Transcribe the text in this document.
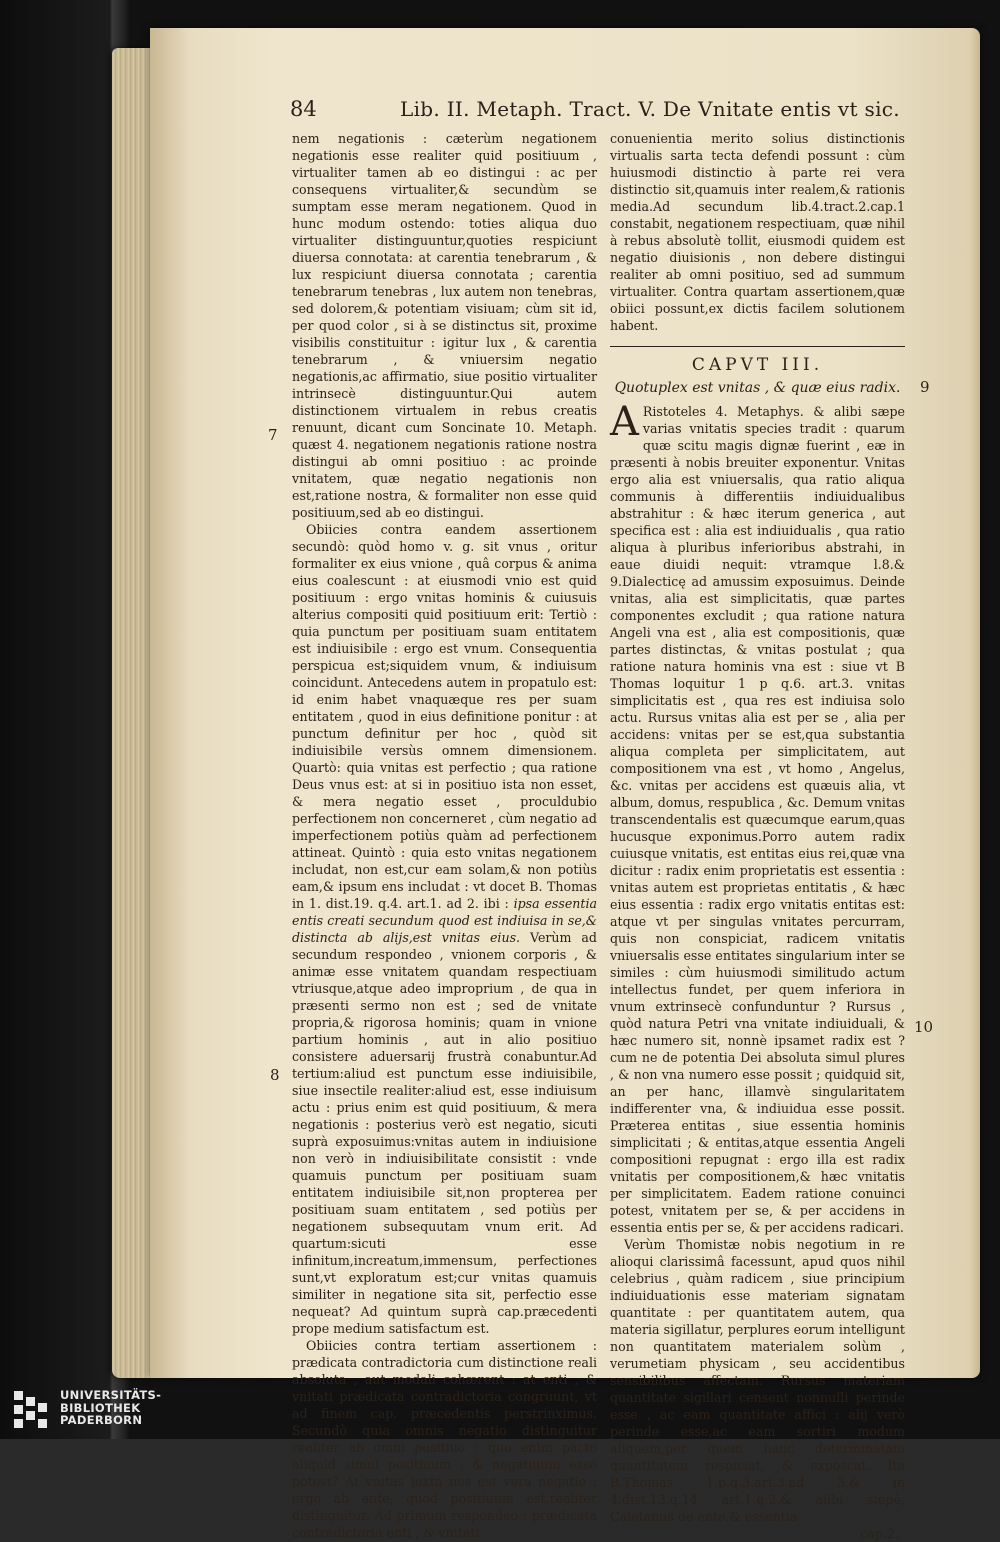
84	Lib. II. Metaph. Tract. V. De Vnitate entis vt sic.

nem negationis : cæterùm negationem negationis esse realiter quid positiuum , virtualiter tamen ab eo distingui : ac per consequens virtualiter,& secundùm se sumptam esse meram negationem. Quod in hunc modum ostendo: toties aliqua duo virtualiter distinguuntur,quoties respiciunt diuersa connotata: at carentia tenebrarum , & lux respiciunt diuersa connotata ; carentia tenebrarum tenebras , lux autem non tenebras, sed dolorem,& potentiam visiuam; cùm sit id, per quod color , si à se distinctus sit, proxime visibilis constituitur : igitur lux , & carentia tenebrarum , & vniuersim negatio negationis,ac affirmatio, siue positio virtualiter intrinsecè distinguuntur.Qui autem distinctionem virtualem in rebus creatis renuunt, dicant cum Soncinate 10. Metaph. quæst 4. negationem negationis ratione nostra distingui ab omni positiuo : ac proinde vnitatem, quæ negatio negationis non est,ratione nostra, & formaliter non esse quid positiuum,sed ab eo distingui.

Obiicies contra eandem assertionem secundò: quòd homo v. g. sit vnus , oritur formaliter ex eius vnione , quâ corpus & anima eius coalescunt : at eiusmodi vnio est quid positiuum : ergo vnitas hominis & cuiusuis alterius compositi quid positiuum erit: Tertiò : quia punctum per positiuam suam entitatem est indiuisibile : ergo est vnum. Consequentia perspicua est;siquidem vnum, & indiuisum coincidunt. Antecedens autem in propatulo est: id enim habet vnaquæque res per suam entitatem , quod in eius definitione ponitur : at punctum definitur per hoc , quòd sit indiuisibile versùs omnem dimensionem. Quartò: quia vnitas est perfectio ; qua ratione Deus vnus est: at si in positiuo ista non esset, & mera negatio esset , proculdubio perfectionem non concerneret , cùm negatio ad imperfectionem potiùs quàm ad perfectionem attineat. Quintò : quia esto vnitas negationem includat, non est,cur eam solam,& non potiùs eam,& ipsum ens includat : vt docet B. Thomas in 1. dist.19. q.4. art.1. ad 2. ibi : ipsa essentia entis creati secundum quod est indiuisa in se,& distincta ab alijs,est vnitas eius. Verùm ad secundum respondeo , vnionem corporis , & animæ esse vnitatem quandam respectiuam vtriusque,atque adeo improprium , de qua in præsenti sermo non est ; sed de vnitate propria,& rigorosa hominis; quam in vnione partium hominis , aut in alio positiuo consistere aduersarij frustrà conabuntur.Ad tertium:aliud est punctum esse indiuisibile, siue insectile realiter:aliud est, esse indiuisum actu : prius enim est quid positiuum, & mera negationis : posterius verò est negatio, sicuti suprà exposuimus:vnitas autem in indiuisione non verò in indiuisibilitate consistit : vnde quamuis punctum per positiuam suam entitatem indiuisibile sit,non propterea per positiuam suam entitatem , sed potiùs per negationem subsequutam vnum erit. Ad quartum:sicuti esse infinitum,increatum,immensum, perfectiones sunt,vt exploratum est;cur vnitas quamuis similiter in negatione sita sit, perfectio esse nequeat? Ad quintum suprà cap.præcedenti prope medium satisfactum est.

Obiicies contra tertiam assertionem : prædicata contradictoria cum distinctione reali absoluta , aut modali cohærent : at enti , & vnitati prædicata contradictoria congruunt, vt ad finem cap. præcedentis perstrinximus. Secundò quia omnis negatio distinguitur realiter ab omni positiuo : quo enim pacto aliquid simul positiuum , & negatiuum esse potest? At vnitas iuxta nos est vera negatio : ergo ab ente, quod positiuum est,realiter distinguitur. Ad primum respondeo : prædicata contradictoria enti , & vnitati

7
8

conuenientia merito solius distinctionis virtualis sarta tecta defendi possunt : cùm huiusmodi distinctio à parte rei vera distinctio sit,quamuis inter realem,& rationis media.Ad secundum lib.4.tract.2.cap.1 constabit, negationem respectiuam, quæ nihil à rebus absolutè tollit, eiusmodi quidem est negatio diuisionis , non debere distingui realiter ab omni positiuo, sed ad summum virtualiter. Contra quartam assertionem,quæ obiici possunt,ex dictis facilem solutionem habent.

CAPVT III.
Quotuplex est vnitas , & quæ eius radix.

A Ristoteles 4. Metaphys. & alibi sæpe varias vnitatis species tradit : quarum quæ scitu magis dignæ fuerint , eæ in præsenti à nobis breuiter exponentur. Vnitas ergo alia est vniuersalis, qua ratio aliqua communis à differentiis indiuidualibus abstrahitur : & hæc iterum generica , aut specifica est : alia est indiuidualis , qua ratio aliqua à pluribus inferioribus abstrahi, in eaue diuidi nequit: vtramque l.8.& 9.Dialecticę ad amussim exposuimus. Deinde vnitas, alia est simplicitatis, quæ partes componentes excludit ; qua ratione natura Angeli vna est , alia est compositionis, quæ partes distinctas, & vnitas postulat ; qua ratione natura hominis vna est : siue vt B Thomas loquitur 1 p q.6. art.3. vnitas simplicitatis est , qua res est indiuisa solo actu. Rursus vnitas alia est per se , alia per accidens: vnitas per se est,qua substantia aliqua completa per simplicitatem, aut compositionem vna est , vt homo , Angelus, &c. vnitas per accidens est quæuis alia, vt album, domus, respublica , &c. Demum vnitas transcendentalis est quæcumque earum,quas hucusque exponimus.Porro autem radix cuiusque vnitatis, est entitas eius rei,quæ vna dicitur : radix enim proprietatis est essentia : vnitas autem est proprietas entitatis , & hæc eius essentia : radix ergo vnitatis entitas est: atque vt per singulas vnitates percurram, quis non conspiciat, radicem vnitatis vniuersalis esse entitates singularium inter se similes : cùm huiusmodi similitudo actum intellectus fundet, per quem inferiora in vnum extrinsecè confunduntur ? Rursus , quòd natura Petri vna vnitate indiuiduali, & hæc numero sit, nonnè ipsamet radix est ? cum ne de potentia Dei absoluta simul plures , & non vna numero esse possit ; quidquid sit, an per hanc, illamvè singularitatem indifferenter vna, & indiuidua esse possit. Præterea entitas , siue essentia hominis simplicitati ; & entitas,atque essentia Angeli compositioni repugnat : ergo illa est radix vnitatis per compositionem,& hæc vnitatis per simplicitatem. Eadem ratione conuinci potest, vnitatem per se, & per accidens in essentia entis per se, & per accidens radicari.

Verùm Thomistæ nobis negotium in re alioqui clarissimâ facessunt, apud quos nihil celebrius , quàm radicem , siue principium indiuiduationis esse materiam signatam quantitate : per quantitatem autem, qua materia sigillatur, perplures eorum intelligunt non quantitatem materialem solùm , verumetiam physicam , seu accidentibus sensibilibus affectam. Rursus materiam quantitate sigillari censent nonnulli perinde esse , ac eam quantitate affici : alij verò perinde esse,ac eam sortiri modum aliquem,per quem hanc determinatam quantitatem respiciat, & exposcat. Ita B.Thomas 1.p.q.3.art.3.ad 3.& in 4.dist.13.q.14 art.1.q.2.& alibi sæpè, Caietanus de ente,& essentia

cap.2.

9
10
UNIVERSITÄTS-
BIBLIOTHEK
PADERBORN
